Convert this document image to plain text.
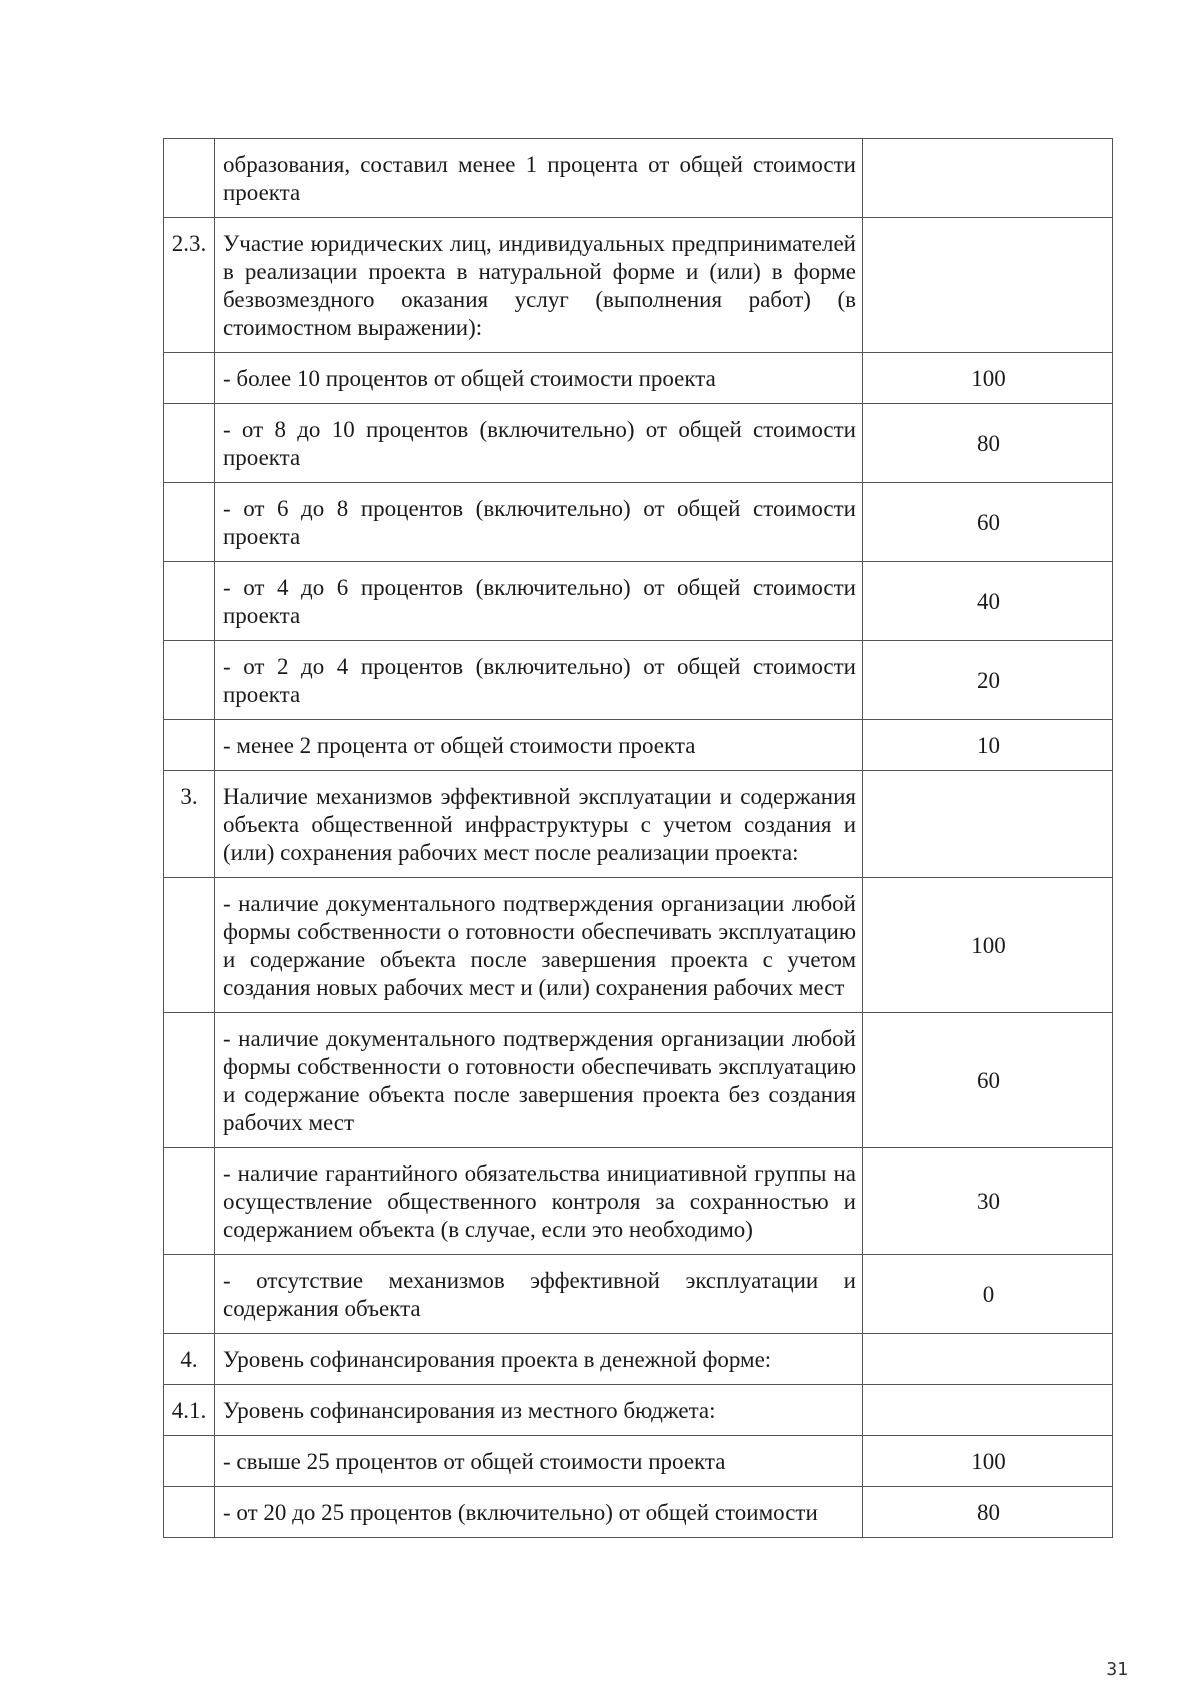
	образования, составил менее 1 процента от общей стоимости проекта	
2.3.	Участие юридических лиц, индивидуальных предпринимателей в реализации проекта в натуральной форме и (или) в форме безвозмездного оказания услуг (выполнения работ) (в стоимостном выражении):	
	- более 10 процентов от общей стоимости проекта	100
	- от 8 до 10 процентов (включительно) от общей стоимости проекта	80
	- от 6 до 8 процентов (включительно) от общей стоимости проекта	60
	- от 4 до 6 процентов (включительно) от общей стоимости проекта	40
	- от 2 до 4 процентов (включительно) от общей стоимости проекта	20
	- менее 2 процента от общей стоимости проекта	10
3.	Наличие механизмов эффективной эксплуатации и содержания объекта общественной инфраструктуры с учетом создания и (или) сохранения рабочих мест после реализации проекта:	
	- наличие документального подтверждения организации любой формы собственности о готовности обеспечивать эксплуатацию и содержание объекта после завершения проекта с учетом создания новых рабочих мест и (или) сохранения рабочих мест	100
	- наличие документального подтверждения организации любой формы собственности о готовности обеспечивать эксплуатацию и содержание объекта после завершения проекта без создания рабочих мест	60
	- наличие гарантийного обязательства инициативной группы на осуществление общественного контроля за сохранностью и содержанием объекта (в случае, если это необходимо)	30
	- отсутствие механизмов эффективной эксплуатации и содержания объекта	0
4.	Уровень софинансирования проекта в денежной форме:	
4.1.	Уровень софинансирования из местного бюджета:	
	- свыше 25 процентов от общей стоимости проекта	100
	- от 20 до 25 процентов (включительно) от общей стоимости	80
31
